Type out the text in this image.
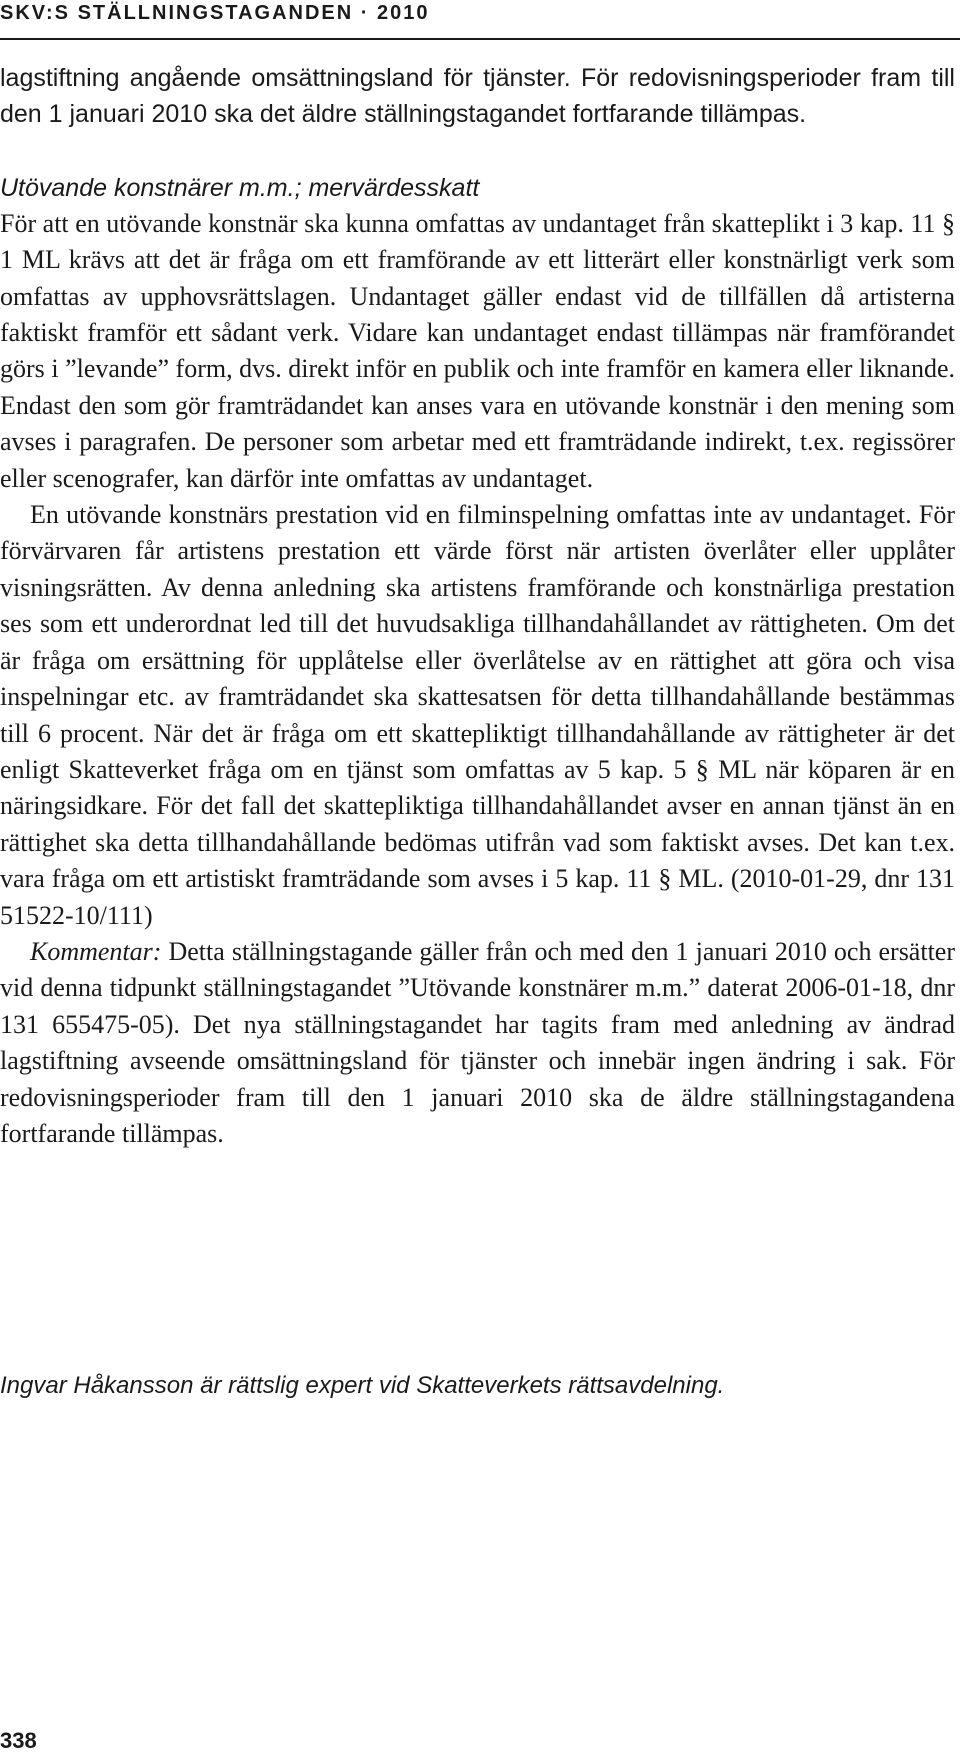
SKV:S STÄLLNINGSTAGANDEN · 2010

lagstiftning angående omsättningsland för tjänster. För redovisningsperioder fram till den 1 januari 2010 ska det äldre ställningstagandet fortfarande tillämpas.

Utövande konstnärer m.m.; mervärdesskatt

För att en utövande konstnär ska kunna omfattas av undantaget från skatteplikt i 3 kap. 11 § 1 ML krävs att det är fråga om ett framförande av ett litterärt eller konstnärligt verk som omfattas av upphovsrättslagen. Undantaget gäller endast vid de tillfällen då artisterna faktiskt framför ett sådant verk. Vidare kan undantaget endast tillämpas när framförandet görs i ”levande” form, dvs. direkt inför en publik och inte framför en kamera eller liknande. Endast den som gör framträdandet kan anses vara en utövande konstnär i den mening som avses i paragrafen. De personer som arbetar med ett framträdande indirekt, t.ex. regissörer eller scenografer, kan därför inte omfattas av undantaget.

En utövande konstnärs prestation vid en filminspelning omfattas inte av undantaget. För förvärvaren får artistens prestation ett värde först när artisten överlåter eller upplåter visningsrätten. Av denna anledning ska artistens framförande och konstnärliga prestation ses som ett underordnat led till det huvudsakliga tillhandahållandet av rättigheten. Om det är fråga om ersättning för upplåtelse eller överlåtelse av en rättighet att göra och visa inspelningar etc. av framträdandet ska skattesatsen för detta tillhandahållande bestämmas till 6 procent. När det är fråga om ett skattepliktigt tillhandahållande av rättigheter är det enligt Skatteverket fråga om en tjänst som omfattas av 5 kap. 5 § ML när köparen är en näringsidkare. För det fall det skattepliktiga tillhandahållandet avser en annan tjänst än en rättighet ska detta tillhandahållande bedömas utifrån vad som faktiskt avses. Det kan t.ex. vara fråga om ett artistiskt framträdande som avses i 5 kap. 11 § ML. (2010-01-29, dnr 131 51522-10/111)

Kommentar: Detta ställningstagande gäller från och med den 1 januari 2010 och ersätter vid denna tidpunkt ställningstagandet ”Utövande konstnärer m.m.” daterat 2006-01-18, dnr 131 655475-05). Det nya ställningstagandet har tagits fram med anledning av ändrad lagstiftning avseende omsättningsland för tjänster och innebär ingen ändring i sak. För redovisningsperioder fram till den 1 januari 2010 ska de äldre ställningstagandena fortfarande tillämpas.

Ingvar Håkansson är rättslig expert vid Skatteverkets rättsavdelning.
338
